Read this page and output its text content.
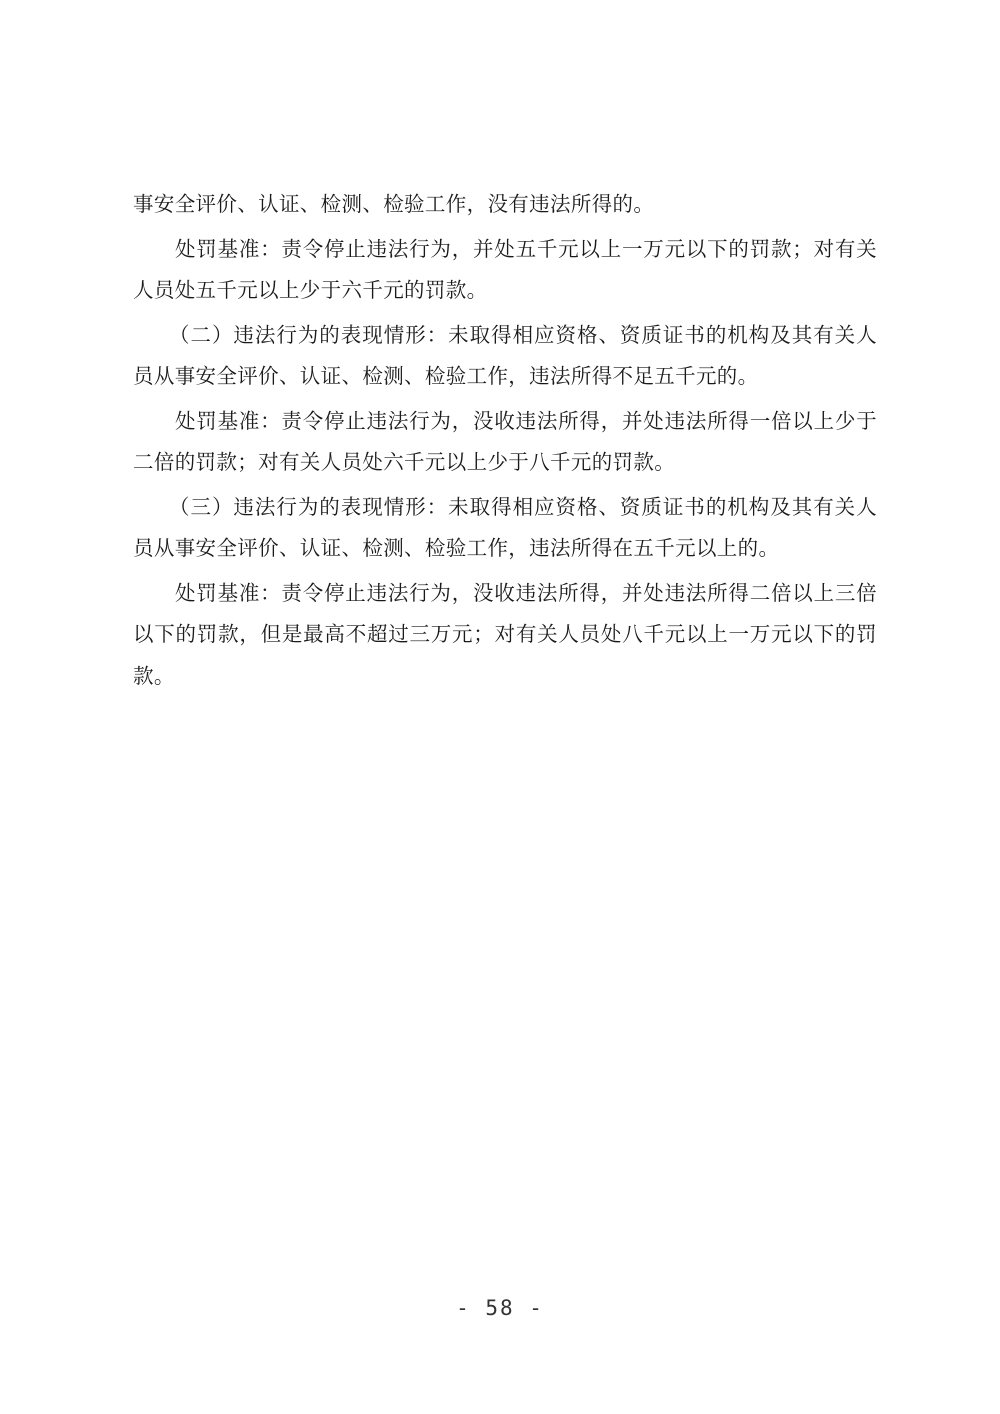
事安全评价、认证、检测、检验工作，没有违法所得的。

处罚基准：责令停止违法行为，并处五千元以上一万元以下的罚款；对有关人员处五千元以上少于六千元的罚款。

（二）违法行为的表现情形：未取得相应资格、资质证书的机构及其有关人员从事安全评价、认证、检测、检验工作，违法所得不足五千元的。

处罚基准：责令停止违法行为，没收违法所得，并处违法所得一倍以上少于二倍的罚款；对有关人员处六千元以上少于八千元的罚款。

（三）违法行为的表现情形：未取得相应资格、资质证书的机构及其有关人员从事安全评价、认证、检测、检验工作，违法所得在五千元以上的。

处罚基准：责令停止违法行为，没收违法所得，并处违法所得二倍以上三倍以下的罚款，但是最高不超过三万元；对有关人员处八千元以上一万元以下的罚款。

- 58 -
